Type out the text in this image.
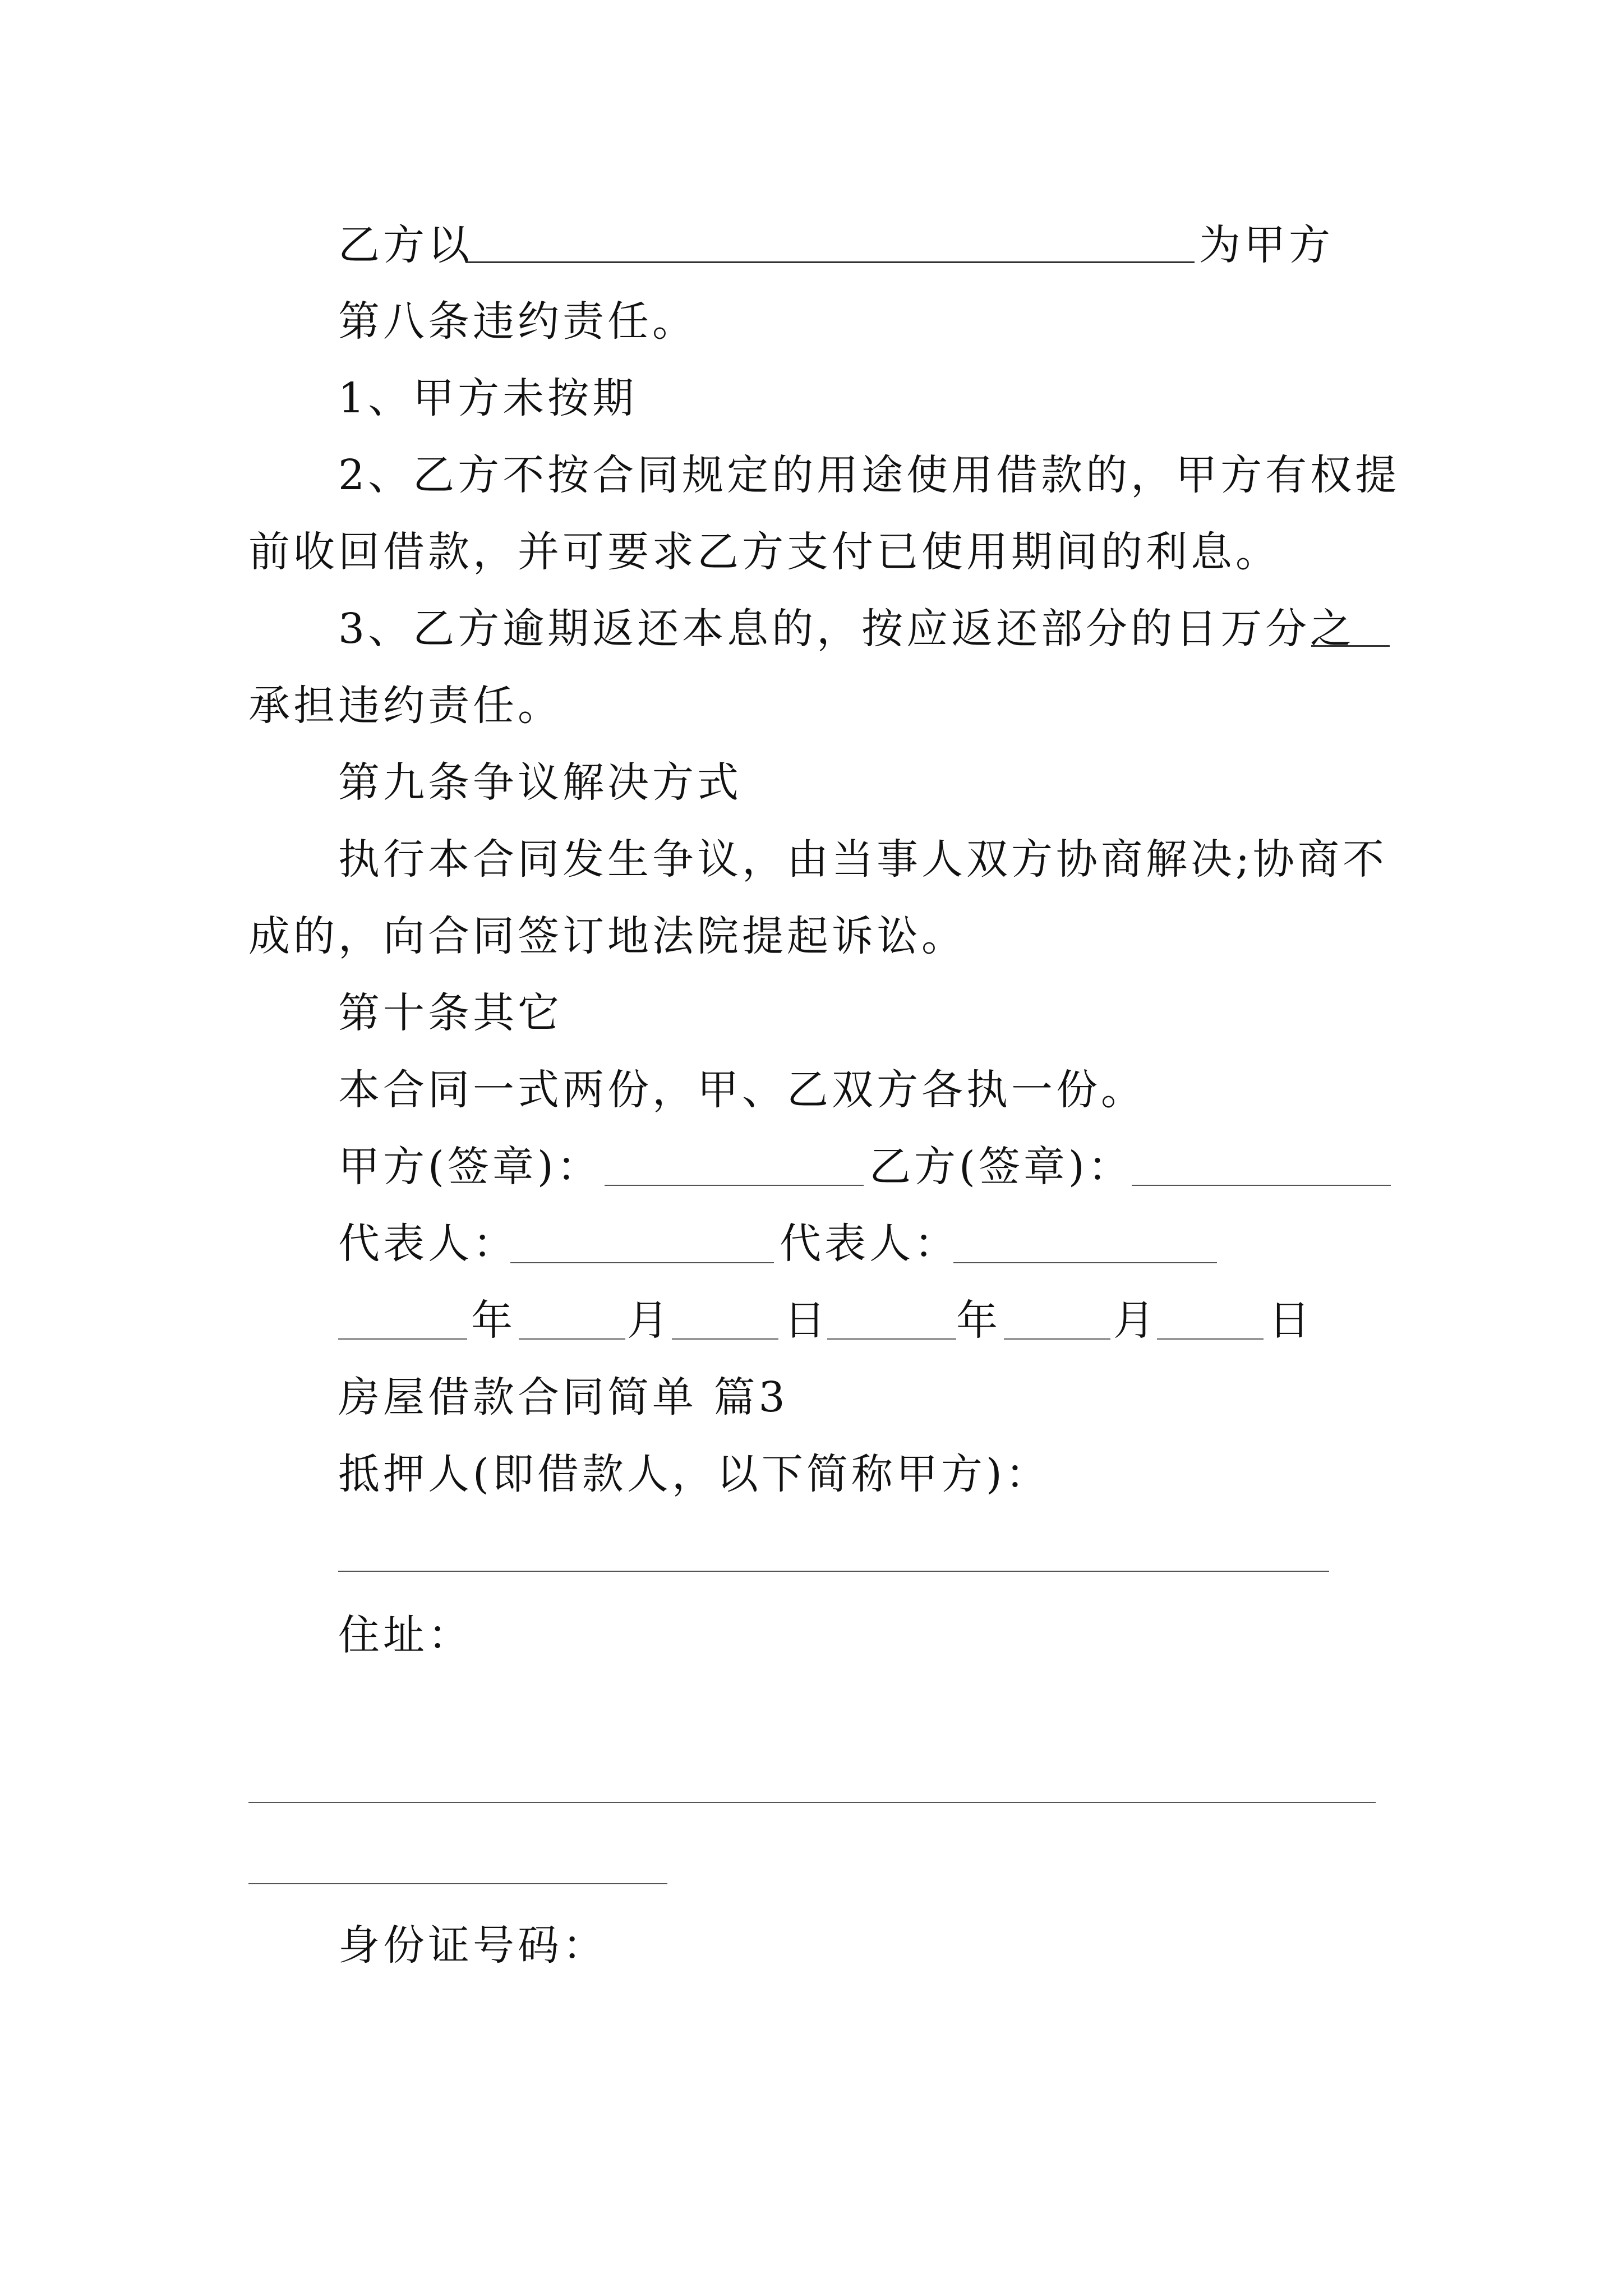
乙方以	为甲方
第八条违约责任。
1、甲方未按期
2、乙方不按合同规定的用途使用借款的，甲方有权提
前收回借款，并可要求乙方支付已使用期间的利息。
3、乙方逾期返还本息的，按应返还部分的日万分之
承担违约责任。
第九条争议解决方式
执行本合同发生争议，由当事人双方协商解决;协商不
成的，向合同签订地法院提起诉讼。
第十条其它
本合同一式两份，甲、乙双方各执一份。
甲方(签章)：	乙方(签章)：
代表人：	代表人：
年	月	日	年	月	日
房屋借款合同简单 篇3
抵押人(即借款人，以下简称甲方)：
住址：
身份证号码：
